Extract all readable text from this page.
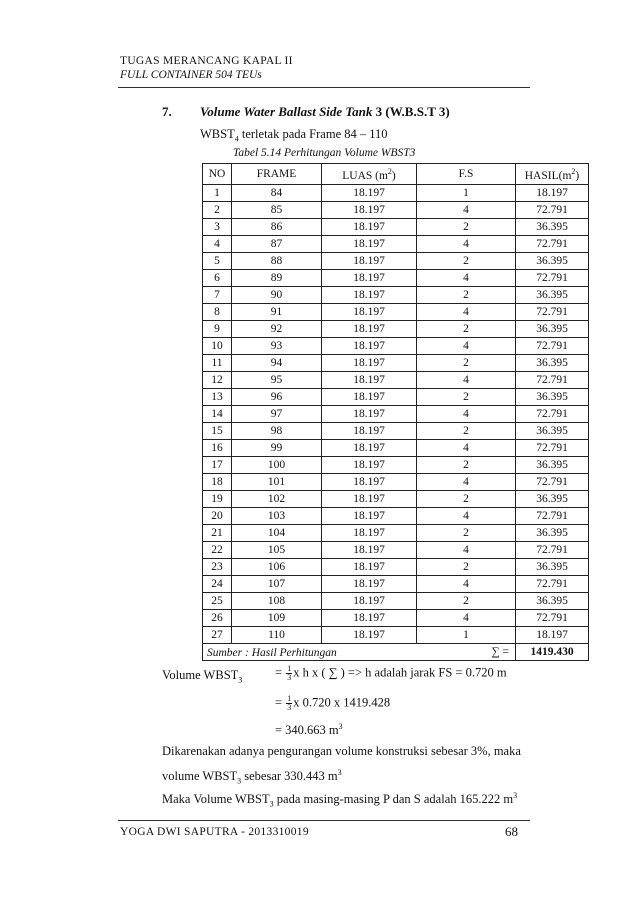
TUGAS MERANCANG KAPAL II
FULL CONTAINER 504 TEUs
7. Volume Water Ballast Side Tank 3 (W.B.S.T 3)
$WBST_4$ terletak pada Frame 84 – 110
Tabel 5.14 Perhitungan Volume WBST3
NO	FRAME	LUAS $(m^2)$	F.S	$HASIL(m^2)$
1	84	18.197	1	18.197
2	85	18.197	4	72.791
3	86	18.197	2	36.395
4	87	18.197	4	72.791
5	88	18.197	2	36.395
6	89	18.197	4	72.791
7	90	18.197	2	36.395
8	91	18.197	4	72.791
9	92	18.197	2	36.395
10	93	18.197	4	72.791
11	94	18.197	2	36.395
12	95	18.197	4	72.791
13	96	18.197	2	36.395
14	97	18.197	4	72.791
15	98	18.197	2	36.395
16	99	18.197	4	72.791
17	100	18.197	2	36.395
18	101	18.197	4	72.791
19	102	18.197	2	36.395
20	103	18.197	4	72.791
21	104	18.197	2	36.395
22	105	18.197	4	72.791
23	106	18.197	2	36.395
24	107	18.197	4	72.791
25	108	18.197	2	36.395
26	109	18.197	4	72.791
27	110	18.197	1	18.197
∑ =				1419.430
Sumber : Hasil Perhitungan
Volume $WBST_3$
= $\frac{1}{3}$ x h x ( ∑ ) => h adalah jarak FS = 0.720 m
= $\frac{1}{3}$ x 0.720 x 1419.428
= 340.663 $m^3$
Dikarenakan adanya pengurangan volume konstruksi sebesar 3%, maka
volume $WBST_3$ sebesar 330.443 $m^3$
Maka Volume $WBST_3$ pada masing-masing P dan S adalah 165.222 $m^3$
YOGA DWI SAPUTRA - 2013310019	68
